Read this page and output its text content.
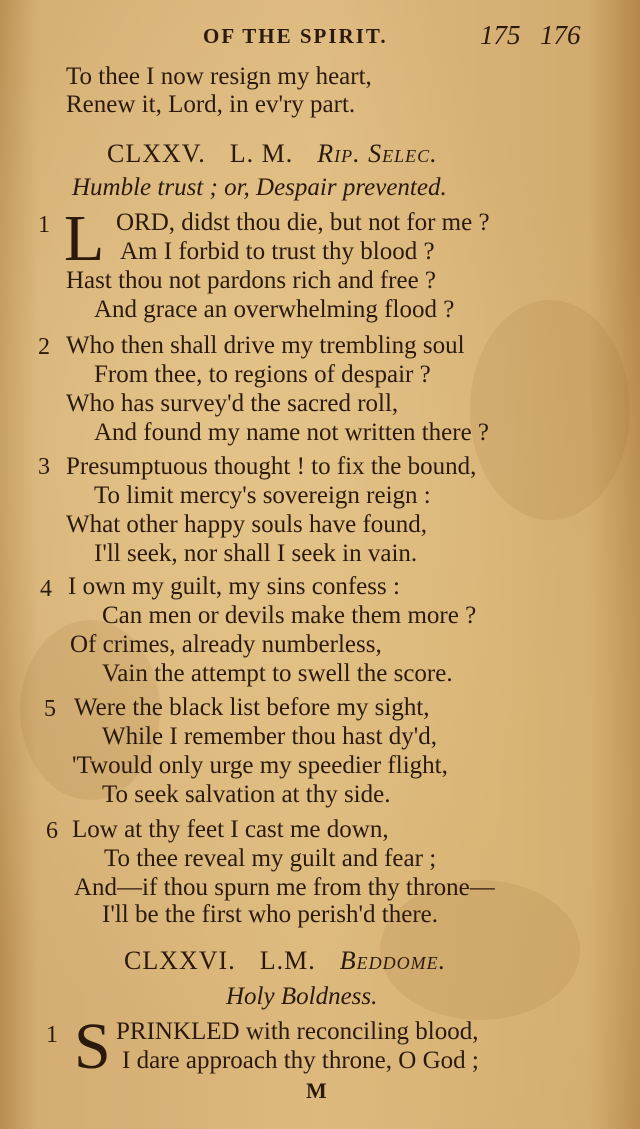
OF THE SPIRIT.	175 176
To thee I now resign my heart,
Renew it, Lord, in ev'ry part.
CLXXV. L. M. Rip. Selec.
Humble trust ; or, Despair prevented.
1 L ORD, didst thou die, but not for me ?
Am I forbid to trust thy blood ?
Hast thou not pardons rich and free ?
And grace an overwhelming flood ?
2 Who then shall drive my trembling soul
From thee, to regions of despair ?
Who has survey'd the sacred roll,
And found my name not written there ?
3 Presumptuous thought ! to fix the bound,
To limit mercy's sovereign reign :
What other happy souls have found,
I'll seek, nor shall I seek in vain.
4 I own my guilt, my sins confess :
Can men or devils make them more ?
Of crimes, already numberless,
Vain the attempt to swell the score.
5 Were the black list before my sight,
While I remember thou hast dy'd,
'Twould only urge my speedier flight,
To seek salvation at thy side.
6 Low at thy feet I cast me down,
To thee reveal my guilt and fear ;
And—if thou spurn me from thy throne—
I'll be the first who perish'd there.
CLXXVI. L.M. Beddome.
Holy Boldness.
1 S PRINKLED with reconciling blood,
I dare approach thy throne, O God ;
M
